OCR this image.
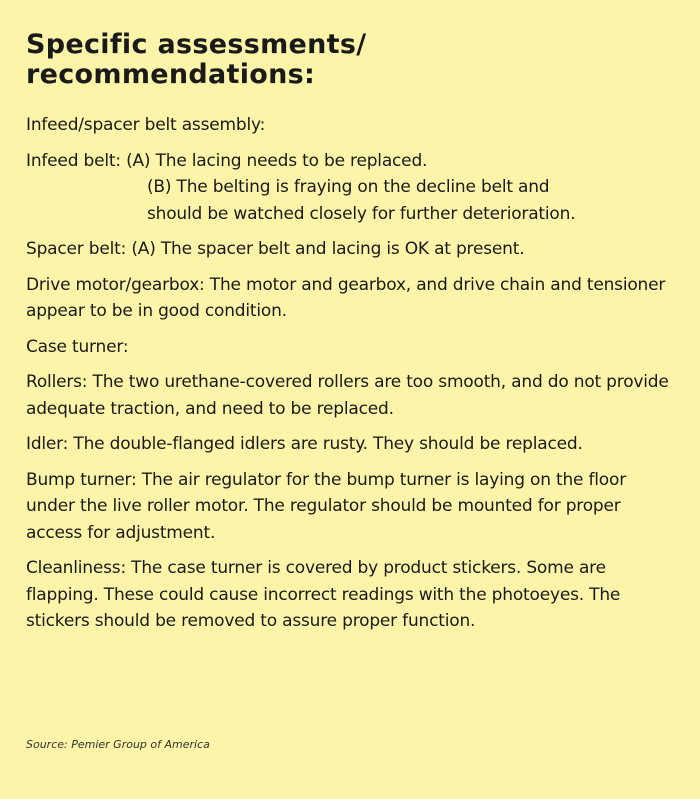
Specific assessments/
recommendations:
Infeed/spacer belt assembly:
Infeed belt: (A) The lacing needs to be replaced.
(B) The belting is fraying on the decline belt and
should be watched closely for further deterioration.
Spacer belt: (A) The spacer belt and lacing is OK at present.
Drive motor/gearbox: The motor and gearbox, and drive chain and tensioner appear to be in good condition.
Case turner:
Rollers: The two urethane-covered rollers are too smooth, and do not provide adequate traction, and need to be replaced.
Idler: The double-flanged idlers are rusty. They should be replaced.
Bump turner: The air regulator for the bump turner is laying on the floor under the live roller motor. The regulator should be mounted for proper access for adjustment.
Cleanliness: The case turner is covered by product stickers. Some are flapping. These could cause incorrect readings with the photoeyes. The stickers should be removed to assure proper function.
Source: Pemier Group of America
